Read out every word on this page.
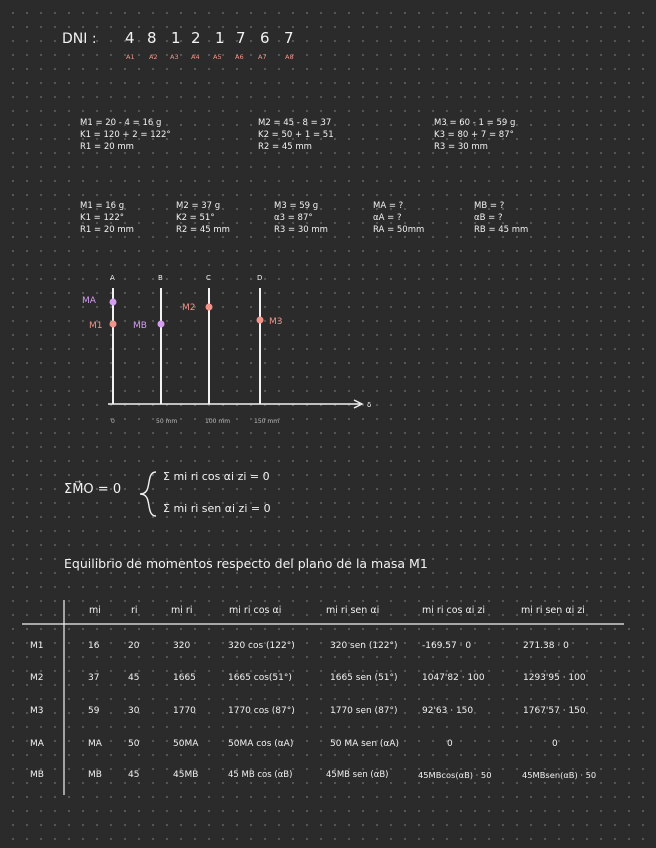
DNI : 4 8 1 2 1 7 6 7
A1 A2 A3 A4 A5 A6 A7	A8
M1 = 20 - 4 = 16 g
K1 = 120 + 2 = 122°
R1 = 20 mm
M2 = 45 - 8 = 37
K2 = 50 + 1 = 51
R2 = 45 mm
M3 = 60 - 1 = 59 g
K3 = 80 + 7 = 87°
R3 = 30 mm
M1 = 16 g
K1 = 122°
R1 = 20 mm
M2 = 37 g
K2 = 51°
R2 = 45 mm
M3 = 59 g
α3 = 87°
R3 = 30 mm
MA = ?
αA = ?
RA = 50mm
MB = ?
αB = ?
RB = 45 mm
δ
A	B	C	D
0	50 mm	100 mm	150 mm
MA
M1	MB
M2
M3
ΣM⃗O = 0
Σ mi ri cos αi zi = 0
Σ mi ri sen αi zi = 0
Equilibrio de momentos respecto del plano de la masa M1
mi	ri	mi ri	mi ri cos αi	mi ri sen αi	mi ri cos αi zi	mi ri sen αi zi
M1	16	20	320	320 cos (122°)	320 sen (122°)	-169.57 · 0	271.38 · 0
M2	37	45	1665	1665 cos(51°)	1665 sen (51°)	1047'82 · 100	1293'95 · 100
M3	59	30	1770	1770 cos (87°)	1770 sen (87°)	92'63 · 150	1767'57 · 150
MA	MA	50	50MA	50MA cos (αA)	50 MA sen (αA)	0	0
MB	MB	45	45MB	45 MB cos (αB)	45MB sen (αB)	45MBcos(αB) · 50	45MBsen(αB) · 50
